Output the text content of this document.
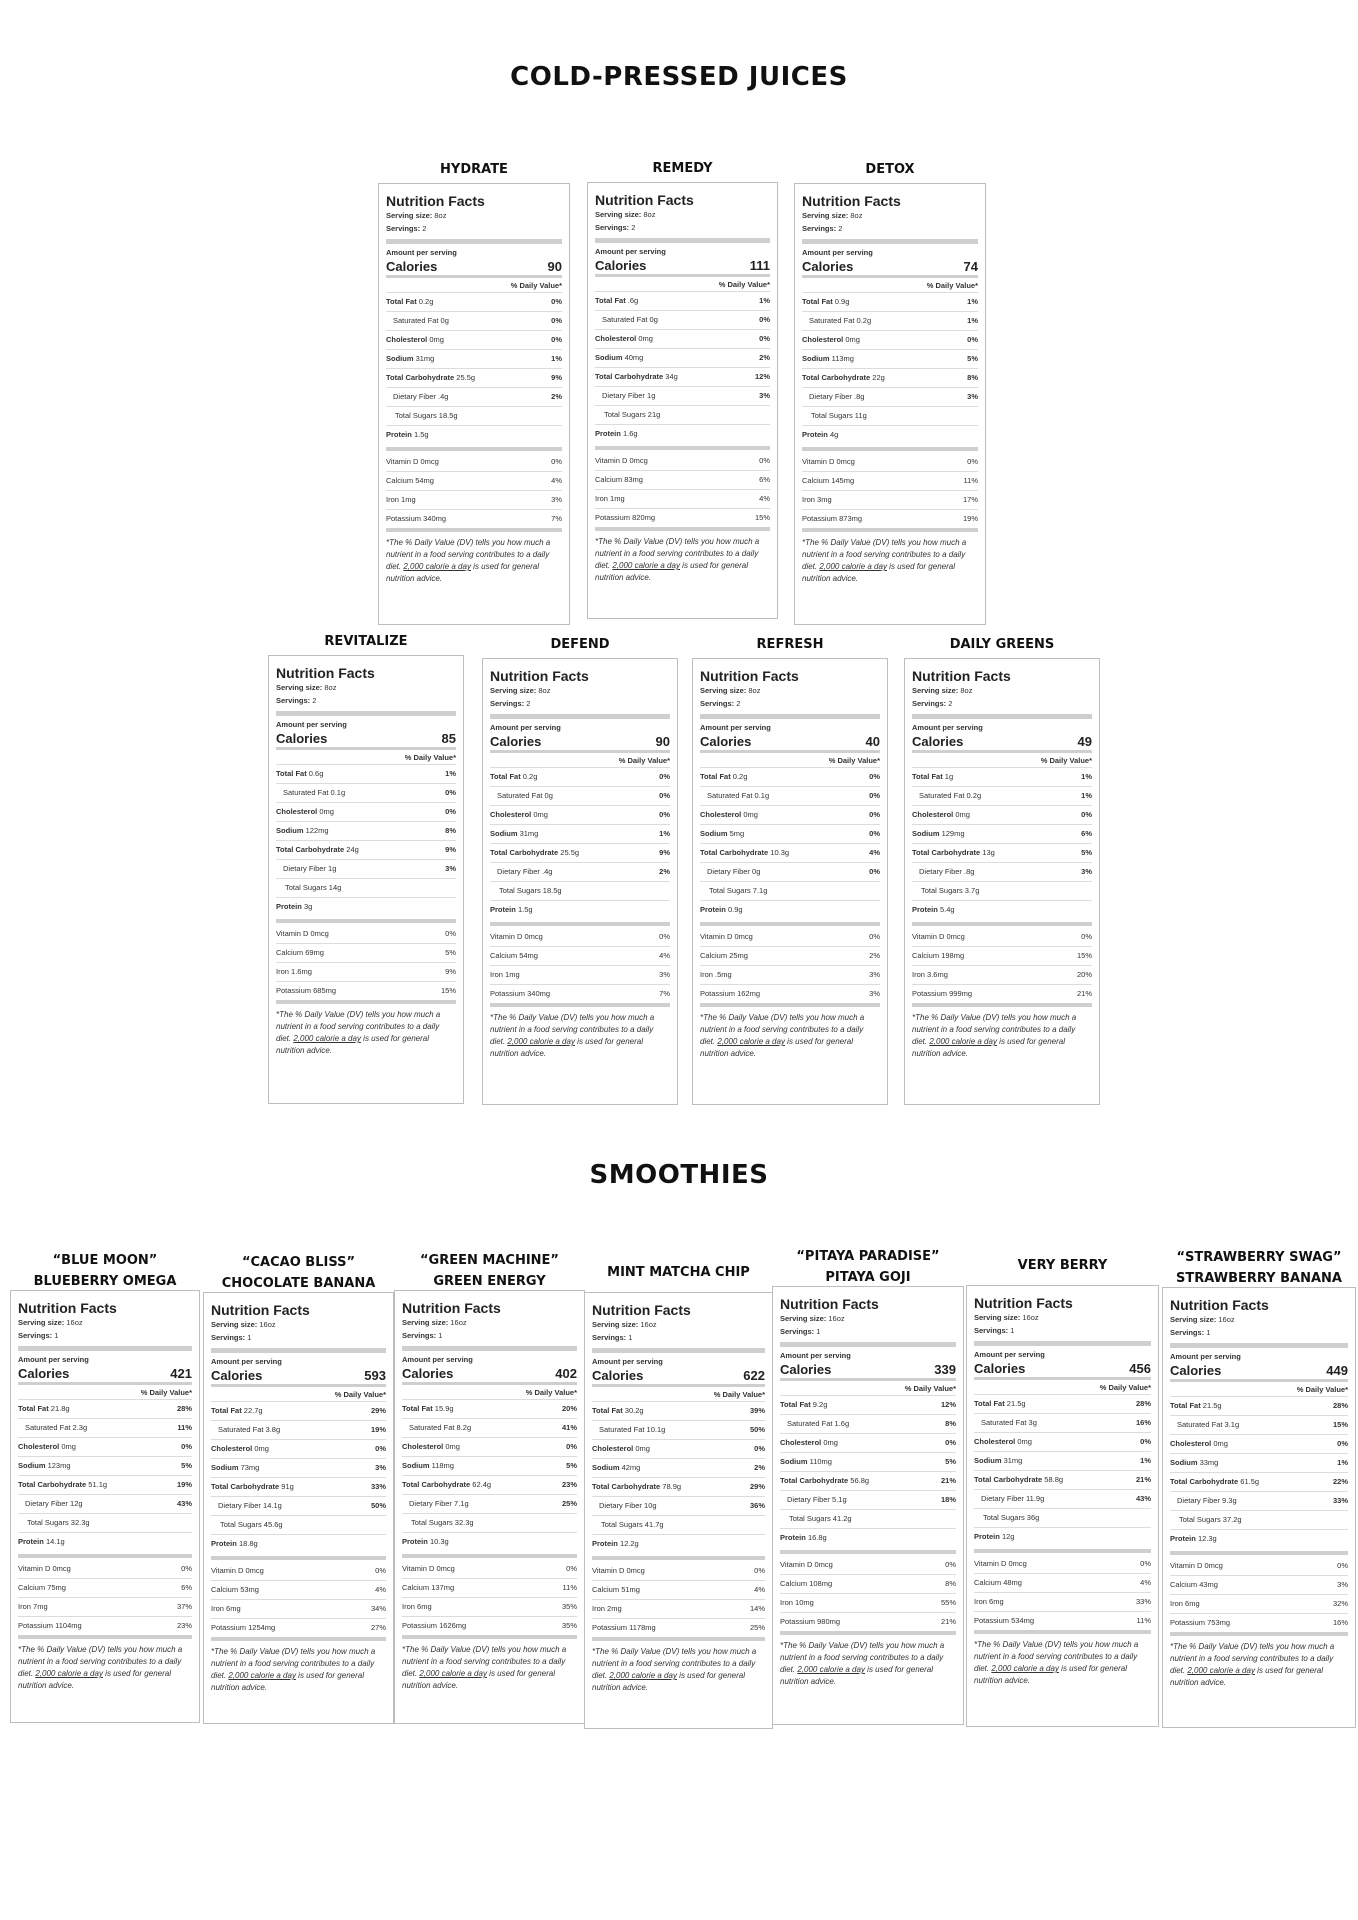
COLD-PRESSED JUICES
SMOOTHIES
HYDRATE
Nutrition Facts
Serving size: 8oz
Servings: 2
Amount per serving
Calories	90
% Daily Value*
Total Fat 0.2g	0%
Saturated Fat 0g	0%
Cholesterol 0mg	0%
Sodium 31mg	1%
Total Carbohydrate 25.5g	9%
Dietary Fiber .4g	2%
Total Sugars 18.5g
Protein 1.5g
Vitamin D 0mcg	0%
Calcium 54mg	4%
Iron 1mg	3%
Potassium 340mg	7%
*The % Daily Value (DV) tells you how much a nutrient in a food serving contributes to a daily diet. 2,000 calorie a day is used for general nutrition advice.
REMEDY
Nutrition Facts
Serving size: 8oz
Servings: 2
Amount per serving
Calories	111
% Daily Value*
Total Fat .6g	1%
Saturated Fat 0g	0%
Cholesterol 0mg	0%
Sodium 40mg	2%
Total Carbohydrate 34g	12%
Dietary Fiber 1g	3%
Total Sugars 21g
Protein 1.6g
Vitamin D 0mcg	0%
Calcium 83mg	6%
Iron 1mg	4%
Potassium 820mg	15%
*The % Daily Value (DV) tells you how much a nutrient in a food serving contributes to a daily diet. 2,000 calorie a day is used for general nutrition advice.
DETOX
Nutrition Facts
Serving size: 8oz
Servings: 2
Amount per serving
Calories	74
% Daily Value*
Total Fat 0.9g	1%
Saturated Fat 0.2g	1%
Cholesterol 0mg	0%
Sodium 113mg	5%
Total Carbohydrate 22g	8%
Dietary Fiber .8g	3%
Total Sugars 11g
Protein 4g
Vitamin D 0mcg	0%
Calcium 145mg	11%
Iron 3mg	17%
Potassium 873mg	19%
*The % Daily Value (DV) tells you how much a nutrient in a food serving contributes to a daily diet. 2,000 calorie a day is used for general nutrition advice.
REVITALIZE
Nutrition Facts
Serving size: 8oz
Servings: 2
Amount per serving
Calories	85
% Daily Value*
Total Fat 0.6g	1%
Saturated Fat 0.1g	0%
Cholesterol 0mg	0%
Sodium 122mg	8%
Total Carbohydrate 24g	9%
Dietary Fiber 1g	3%
Total Sugars 14g
Protein 3g
Vitamin D 0mcg	0%
Calcium 69mg	5%
Iron 1.6mg	9%
Potassium 685mg	15%
*The % Daily Value (DV) tells you how much a nutrient in a food serving contributes to a daily diet. 2,000 calorie a day is used for general nutrition advice.
DEFEND
Nutrition Facts
Serving size: 8oz
Servings: 2
Amount per serving
Calories	90
% Daily Value*
Total Fat 0.2g	0%
Saturated Fat 0g	0%
Cholesterol 0mg	0%
Sodium 31mg	1%
Total Carbohydrate 25.5g	9%
Dietary Fiber .4g	2%
Total Sugars 18.5g
Protein 1.5g
Vitamin D 0mcg	0%
Calcium 54mg	4%
Iron 1mg	3%
Potassium 340mg	7%
*The % Daily Value (DV) tells you how much a nutrient in a food serving contributes to a daily diet. 2,000 calorie a day is used for general nutrition advice.
REFRESH
Nutrition Facts
Serving size: 8oz
Servings: 2
Amount per serving
Calories	40
% Daily Value*
Total Fat 0.2g	0%
Saturated Fat 0.1g	0%
Cholesterol 0mg	0%
Sodium 5mg	0%
Total Carbohydrate 10.3g	4%
Dietary Fiber 0g	0%
Total Sugars 7.1g
Protein 0.9g
Vitamin D 0mcg	0%
Calcium 25mg	2%
Iron .5mg	3%
Potassium 162mg	3%
*The % Daily Value (DV) tells you how much a nutrient in a food serving contributes to a daily diet. 2,000 calorie a day is used for general nutrition advice.
DAILY GREENS
Nutrition Facts
Serving size: 8oz
Servings: 2
Amount per serving
Calories	49
% Daily Value*
Total Fat 1g	1%
Saturated Fat 0.2g	1%
Cholesterol 0mg	0%
Sodium 129mg	6%
Total Carbohydrate 13g	5%
Dietary Fiber .8g	3%
Total Sugars 3.7g
Protein 5.4g
Vitamin D 0mcg	0%
Calcium 198mg	15%
Iron 3.6mg	20%
Potassium 999mg	21%
*The % Daily Value (DV) tells you how much a nutrient in a food serving contributes to a daily diet. 2,000 calorie a day is used for general nutrition advice.
“BLUE MOON”
BLUEBERRY OMEGA
Nutrition Facts
Serving size: 16oz
Servings: 1
Amount per serving
Calories	421
% Daily Value*
Total Fat 21.8g	28%
Saturated Fat 2.3g	11%
Cholesterol 0mg	0%
Sodium 123mg	5%
Total Carbohydrate 51.1g	19%
Dietary Fiber 12g	43%
Total Sugars 32.3g
Protein 14.1g
Vitamin D 0mcg	0%
Calcium 75mg	6%
Iron 7mg	37%
Potassium 1104mg	23%
*The % Daily Value (DV) tells you how much a nutrient in a food serving contributes to a daily diet. 2,000 calorie a day is used for general nutrition advice.
“CACAO BLISS”
CHOCOLATE BANANA
Nutrition Facts
Serving size: 16oz
Servings: 1
Amount per serving
Calories	593
% Daily Value*
Total Fat 22.7g	29%
Saturated Fat 3.8g	19%
Cholesterol 0mg	0%
Sodium 73mg	3%
Total Carbohydrate 91g	33%
Dietary Fiber 14.1g	50%
Total Sugars 45.6g
Protein 18.8g
Vitamin D 0mcg	0%
Calcium 53mg	4%
Iron 6mg	34%
Potassium 1254mg	27%
*The % Daily Value (DV) tells you how much a nutrient in a food serving contributes to a daily diet. 2,000 calorie a day is used for general nutrition advice.
“GREEN MACHINE”
GREEN ENERGY
Nutrition Facts
Serving size: 16oz
Servings: 1
Amount per serving
Calories	402
% Daily Value*
Total Fat 15.9g	20%
Saturated Fat 8.2g	41%
Cholesterol 0mg	0%
Sodium 118mg	5%
Total Carbohydrate 62.4g	23%
Dietary Fiber 7.1g	25%
Total Sugars 32.3g
Protein 10.3g
Vitamin D 0mcg	0%
Calcium 137mg	11%
Iron 6mg	35%
Potassium 1626mg	35%
*The % Daily Value (DV) tells you how much a nutrient in a food serving contributes to a daily diet. 2,000 calorie a day is used for general nutrition advice.
MINT MATCHA CHIP
Nutrition Facts
Serving size: 16oz
Servings: 1
Amount per serving
Calories	622
% Daily Value*
Total Fat 30.2g	39%
Saturated Fat 10.1g	50%
Cholesterol 0mg	0%
Sodium 42mg	2%
Total Carbohydrate 78.9g	29%
Dietary Fiber 10g	36%
Total Sugars 41.7g
Protein 12.2g
Vitamin D 0mcg	0%
Calcium 51mg	4%
Iron 2mg	14%
Potassium 1178mg	25%
*The % Daily Value (DV) tells you how much a nutrient in a food serving contributes to a daily diet. 2,000 calorie a day is used for general nutrition advice.
“PITAYA PARADISE”
PITAYA GOJI
Nutrition Facts
Serving size: 16oz
Servings: 1
Amount per serving
Calories	339
% Daily Value*
Total Fat 9.2g	12%
Saturated Fat 1.6g	8%
Cholesterol 0mg	0%
Sodium 110mg	5%
Total Carbohydrate 56.8g	21%
Dietary Fiber 5.1g	18%
Total Sugars 41.2g
Protein 16.8g
Vitamin D 0mcg	0%
Calcium 108mg	8%
Iron 10mg	55%
Potassium 980mg	21%
*The % Daily Value (DV) tells you how much a nutrient in a food serving contributes to a daily diet. 2,000 calorie a day is used for general nutrition advice.
VERY BERRY
Nutrition Facts
Serving size: 16oz
Servings: 1
Amount per serving
Calories	456
% Daily Value*
Total Fat 21.5g	28%
Saturated Fat 3g	16%
Cholesterol 0mg	0%
Sodium 31mg	1%
Total Carbohydrate 58.8g	21%
Dietary Fiber 11.9g	43%
Total Sugars 36g
Protein 12g
Vitamin D 0mcg	0%
Calcium 48mg	4%
Iron 6mg	33%
Potassium 534mg	11%
*The % Daily Value (DV) tells you how much a nutrient in a food serving contributes to a daily diet. 2,000 calorie a day is used for general nutrition advice.
“STRAWBERRY SWAG”
STRAWBERRY BANANA
Nutrition Facts
Serving size: 16oz
Servings: 1
Amount per serving
Calories	449
% Daily Value*
Total Fat 21.5g	28%
Saturated Fat 3.1g	15%
Cholesterol 0mg	0%
Sodium 33mg	1%
Total Carbohydrate 61.5g	22%
Dietary Fiber 9.3g	33%
Total Sugars 37.2g
Protein 12.3g
Vitamin D 0mcg	0%
Calcium 43mg	3%
Iron 6mg	32%
Potassium 753mg	16%
*The % Daily Value (DV) tells you how much a nutrient in a food serving contributes to a daily diet. 2,000 calorie a day is used for general nutrition advice.
